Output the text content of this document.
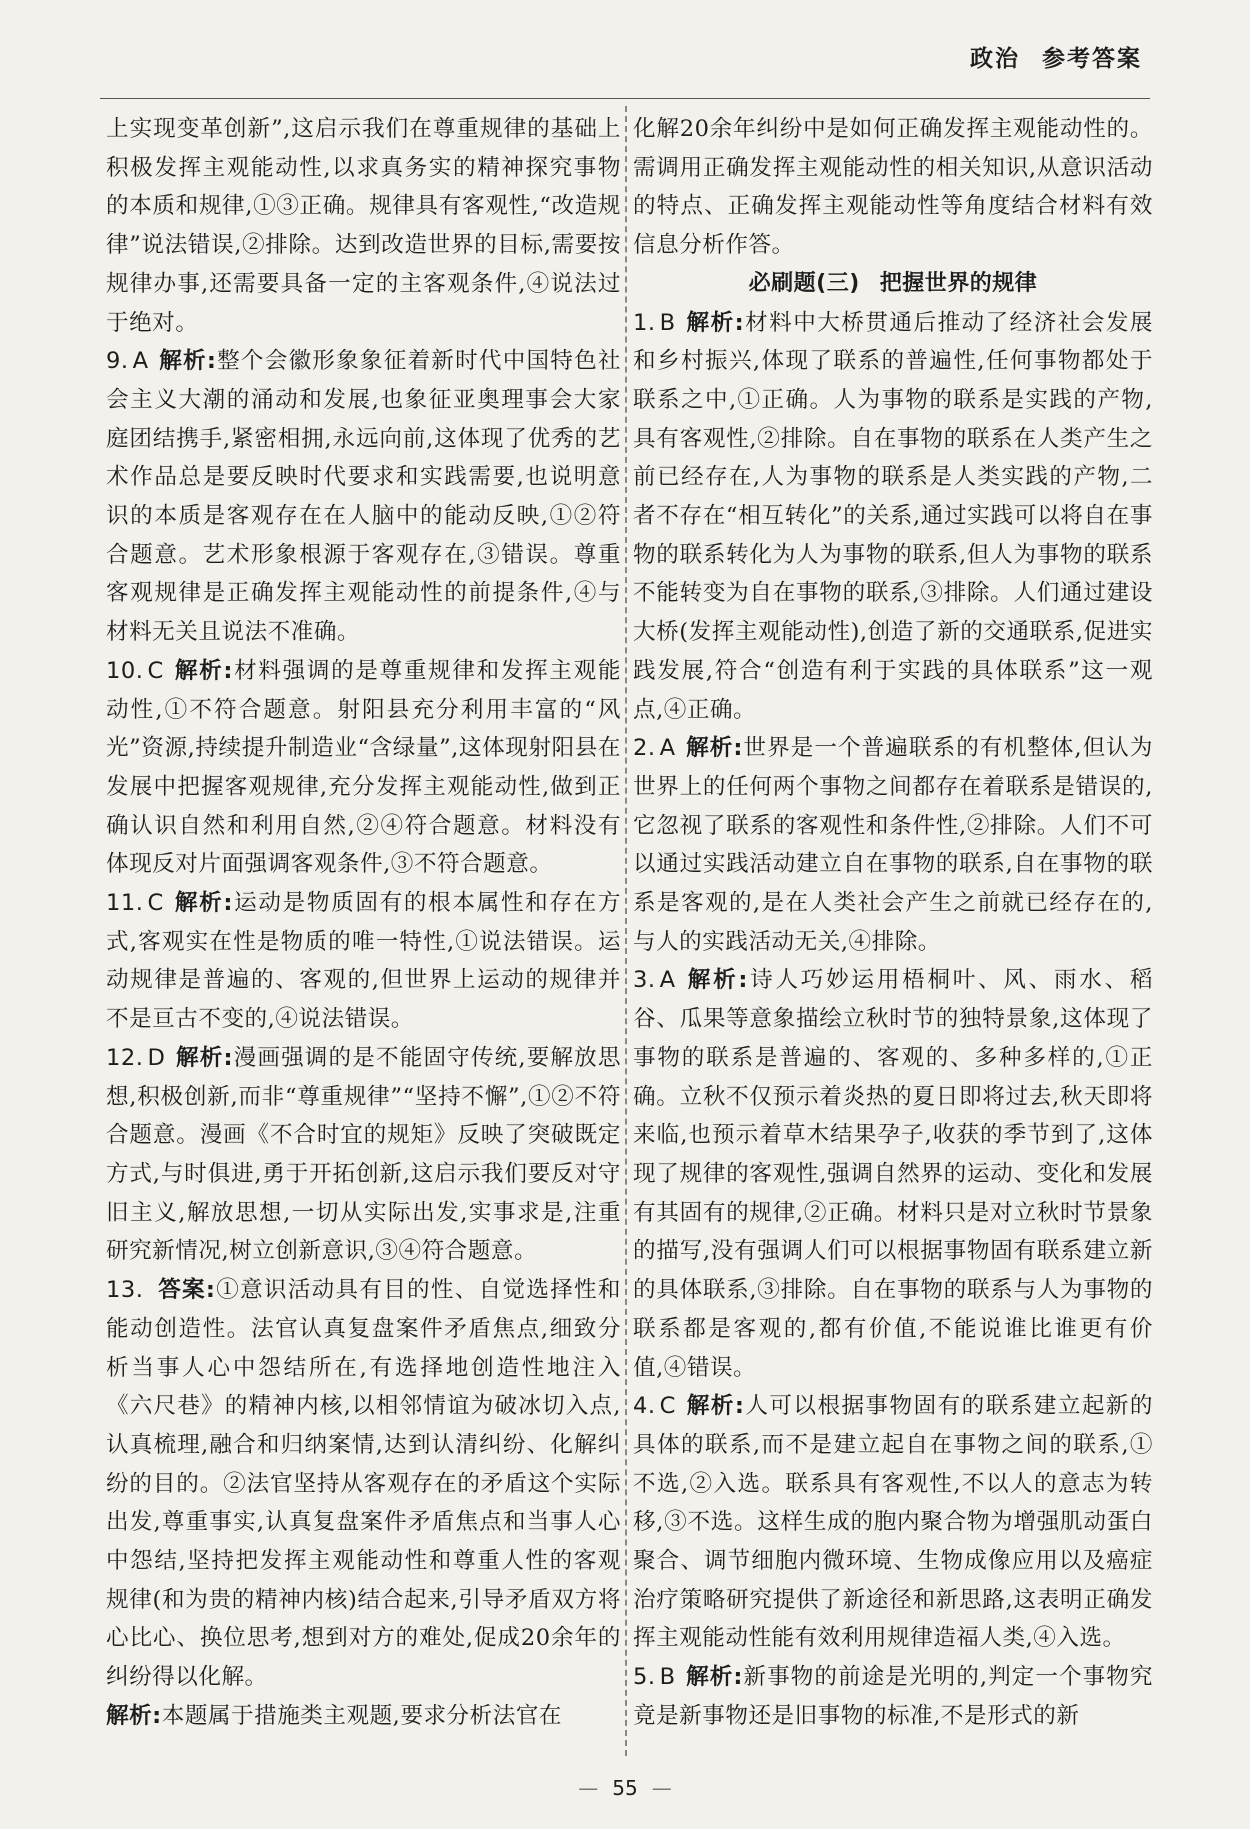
政治 参考答案

上实现变革创新”,这启示我们在尊重规律的基础上积极发挥主观能动性,以求真务实的精神探究事物的本质和规律,①③正确。规律具有客观性,“改造规律”说法错误,②排除。达到改造世界的目标,需要按规律办事,还需要具备一定的主客观条件,④说法过于绝对。

9. A 解析:整个会徽形象象征着新时代中国特色社会主义大潮的涌动和发展,也象征亚奥理事会大家庭团结携手,紧密相拥,永远向前,这体现了优秀的艺术作品总是要反映时代要求和实践需要,也说明意识的本质是客观存在在人脑中的能动反映,①②符合题意。艺术形象根源于客观存在,③错误。尊重客观规律是正确发挥主观能动性的前提条件,④与材料无关且说法不准确。

10. C 解析:材料强调的是尊重规律和发挥主观能动性,①不符合题意。射阳县充分利用丰富的“风光”资源,持续提升制造业“含绿量”,这体现射阳县在发展中把握客观规律,充分发挥主观能动性,做到正确认识自然和利用自然,②④符合题意。材料没有体现反对片面强调客观条件,③不符合题意。

11. C 解析:运动是物质固有的根本属性和存在方式,客观实在性是物质的唯一特性,①说法错误。运动规律是普遍的、客观的,但世界上运动的规律并不是亘古不变的,④说法错误。

12. D 解析:漫画强调的是不能固守传统,要解放思想,积极创新,而非“尊重规律”“坚持不懈”,①②不符合题意。漫画《不合时宜的规矩》反映了突破既定方式,与时俱进,勇于开拓创新,这启示我们要反对守旧主义,解放思想,一切从实际出发,实事求是,注重研究新情况,树立创新意识,③④符合题意。

13. 答案:①意识活动具有目的性、自觉选择性和能动创造性。法官认真复盘案件矛盾焦点,细致分析当事人心中怨结所在,有选择地创造性地注入《六尺巷》的精神内核,以相邻情谊为破冰切入点,认真梳理,融合和归纳案情,达到认清纠纷、化解纠纷的目的。②法官坚持从客观存在的矛盾这个实际出发,尊重事实,认真复盘案件矛盾焦点和当事人心中怨结,坚持把发挥主观能动性和尊重人性的客观规律(和为贵的精神内核)结合起来,引导矛盾双方将心比心、换位思考,想到对方的难处,促成20余年的纠纷得以化解。

解析:本题属于措施类主观题,要求分析法官在

化解20余年纠纷中是如何正确发挥主观能动性的。需调用正确发挥主观能动性的相关知识,从意识活动的特点、正确发挥主观能动性等角度结合材料有效信息分析作答。

必刷题(三) 把握世界的规律

1. B 解析:材料中大桥贯通后推动了经济社会发展和乡村振兴,体现了联系的普遍性,任何事物都处于联系之中,①正确。人为事物的联系是实践的产物,具有客观性,②排除。自在事物的联系在人类产生之前已经存在,人为事物的联系是人类实践的产物,二者不存在“相互转化”的关系,通过实践可以将自在事物的联系转化为人为事物的联系,但人为事物的联系不能转变为自在事物的联系,③排除。人们通过建设大桥(发挥主观能动性),创造了新的交通联系,促进实践发展,符合“创造有利于实践的具体联系”这一观点,④正确。

2. A 解析:世界是一个普遍联系的有机整体,但认为世界上的任何两个事物之间都存在着联系是错误的,它忽视了联系的客观性和条件性,②排除。人们不可以通过实践活动建立自在事物的联系,自在事物的联系是客观的,是在人类社会产生之前就已经存在的,与人的实践活动无关,④排除。

3. A 解析:诗人巧妙运用梧桐叶、风、雨水、稻谷、瓜果等意象描绘立秋时节的独特景象,这体现了事物的联系是普遍的、客观的、多种多样的,①正确。立秋不仅预示着炎热的夏日即将过去,秋天即将来临,也预示着草木结果孕子,收获的季节到了,这体现了规律的客观性,强调自然界的运动、变化和发展有其固有的规律,②正确。材料只是对立秋时节景象的描写,没有强调人们可以根据事物固有联系建立新的具体联系,③排除。自在事物的联系与人为事物的联系都是客观的,都有价值,不能说谁比谁更有价值,④错误。

4. C 解析:人可以根据事物固有的联系建立起新的具体的联系,而不是建立起自在事物之间的联系,①不选,②入选。联系具有客观性,不以人的意志为转移,③不选。这样生成的胞内聚合物为增强肌动蛋白聚合、调节细胞内微环境、生物成像应用以及癌症治疗策略研究提供了新途径和新思路,这表明正确发挥主观能动性能有效利用规律造福人类,④入选。

5. B 解析:新事物的前途是光明的,判定一个事物究竟是新事物还是旧事物的标准,不是形式的新

— 55 —
